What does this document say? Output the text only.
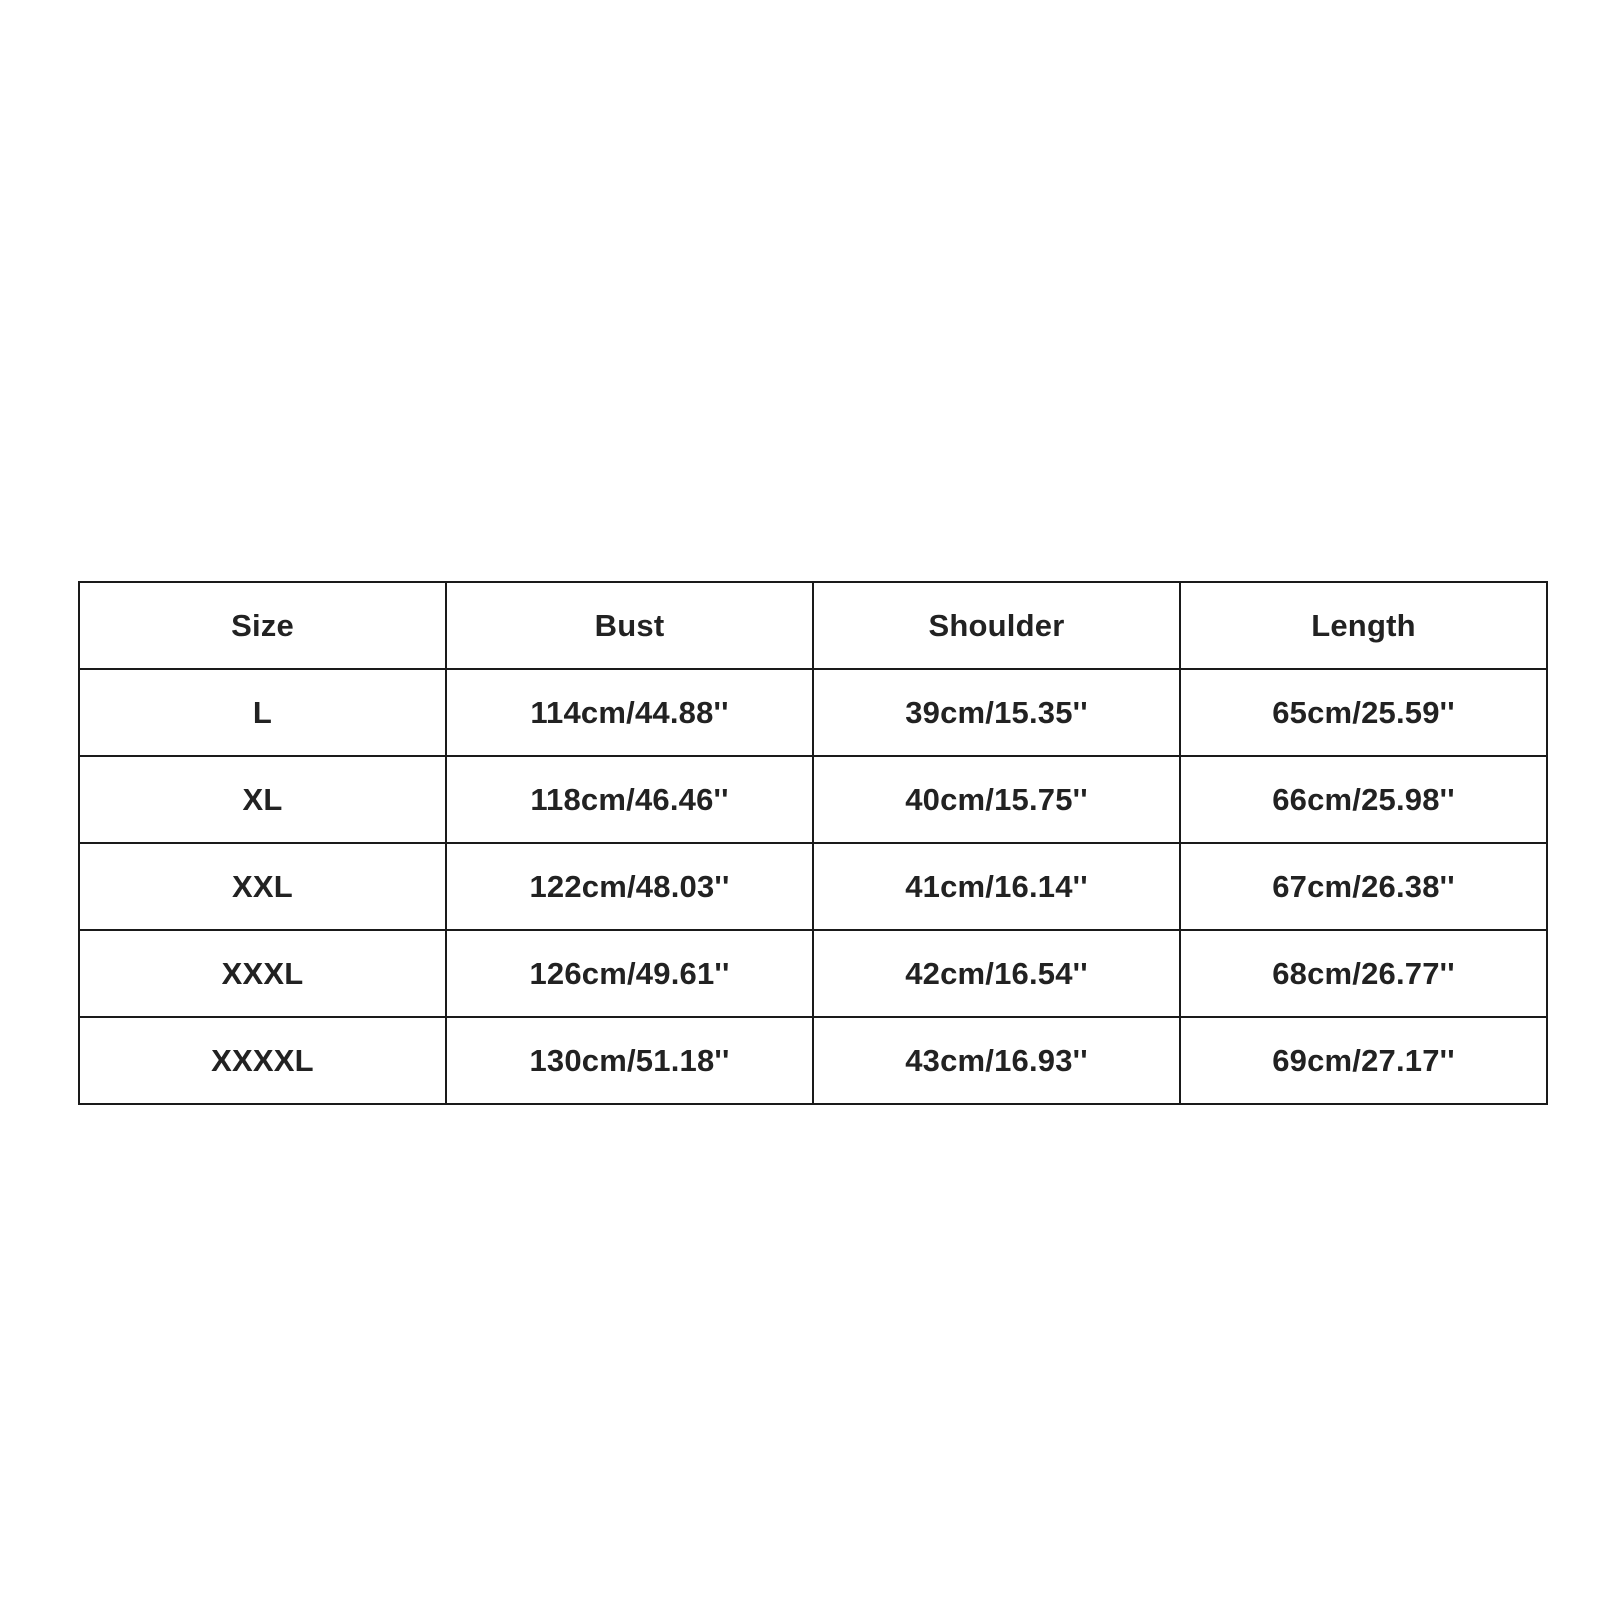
Size	Bust	Shoulder	Length
L	114cm/44.88''	39cm/15.35''	65cm/25.59''
XL	118cm/46.46''	40cm/15.75''	66cm/25.98''
XXL	122cm/48.03''	41cm/16.14''	67cm/26.38''
XXXL	126cm/49.61''	42cm/16.54''	68cm/26.77''
XXXXL	130cm/51.18''	43cm/16.93''	69cm/27.17''
